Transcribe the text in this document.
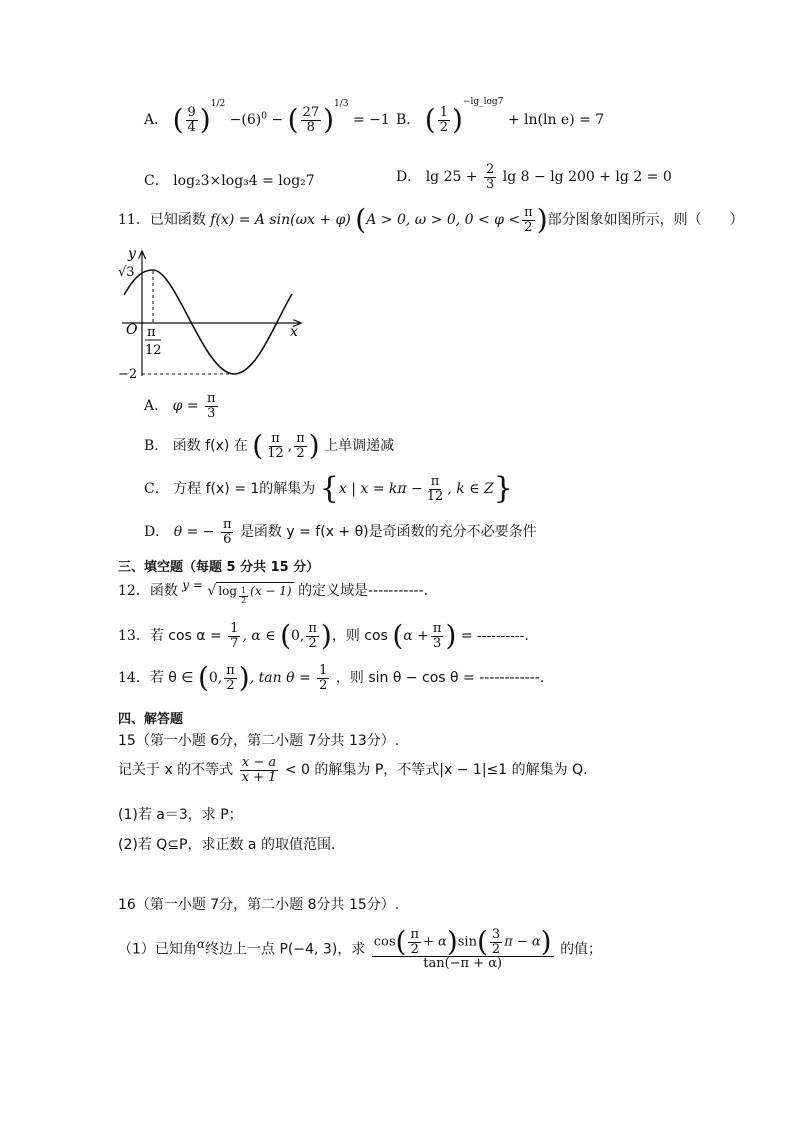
A． ( $\frac{9}{4} )^{1/2} -(6)^0$ − ( $\frac{27}{8} )^{1/3} = -1$ B． ( $\frac{1}{2} )^{-lg\_log7} + \ln(\ln$ e) = 7
C． log₂3×log₃4 = log₂7	D． $\lg 25 + \frac{2}{3}$ lg 8 − lg 200 + lg 2 = 0
11．已知函数 f(x) = A sin(ωx + φ) (A > 0, ω > 0, $0 < \varphi < \frac{\pi}{2}$ )部分图象如图所示，则（　　）
y
x
O
√3
−2
π
12
A． $\varphi = \frac{\pi}{3}$
B． 函数 f(x) 在 ( $\frac{\pi}{12}$ , $\frac{\pi}{2}$ ) 上单调递减
C． 方程 f(x) = 1的解集为 {x | $x = k\pi - \frac{\pi}{12}$ , k ∈ Z}
D． θ = − $\frac{\pi}{6}$ 是函数 y = f(x + θ)是奇函数的充分不必要条件
三、填空题（每题 5 分共 15 分）
12．函数 y = √ log $_{\frac{1}{2}}$ (x − 1) 的定义域是-----------.
13．若 $\cos \alpha = \frac{1}{7}$ , α ∈ (0, $\frac{\pi}{2}$ )，则 $\cos (\alpha + \frac{\pi}{3}$ ) = ----------.
14．若 θ ∈ (0, $\frac{\pi}{2}$ ), $\tan \theta = \frac{1}{2}$ ，则 sin θ − cos θ = ------------.
四、解答题
15（第一小题 6分，第二小题 7分共 13分）.
记关于 x 的不等式 $\frac{x - a}{x + 1} < 0$ 的解集为 P，不等式|x − 1|≤1 的解集为 Q.
(1)若 a＝3，求 P；
(2)若 Q⊆P，求正数 a 的取值范围.
16（第一小题 7分，第二小题 8分共 15分）.
（1）已知角$^\alpha$终边上一点 P(−4, 3)，求 $\frac{\cos( \frac{\pi}{2} + \alpha)\sin( \frac{3}{2} \pi - \alpha)}{\tan(-\pi + \alpha)}$ 的值；
